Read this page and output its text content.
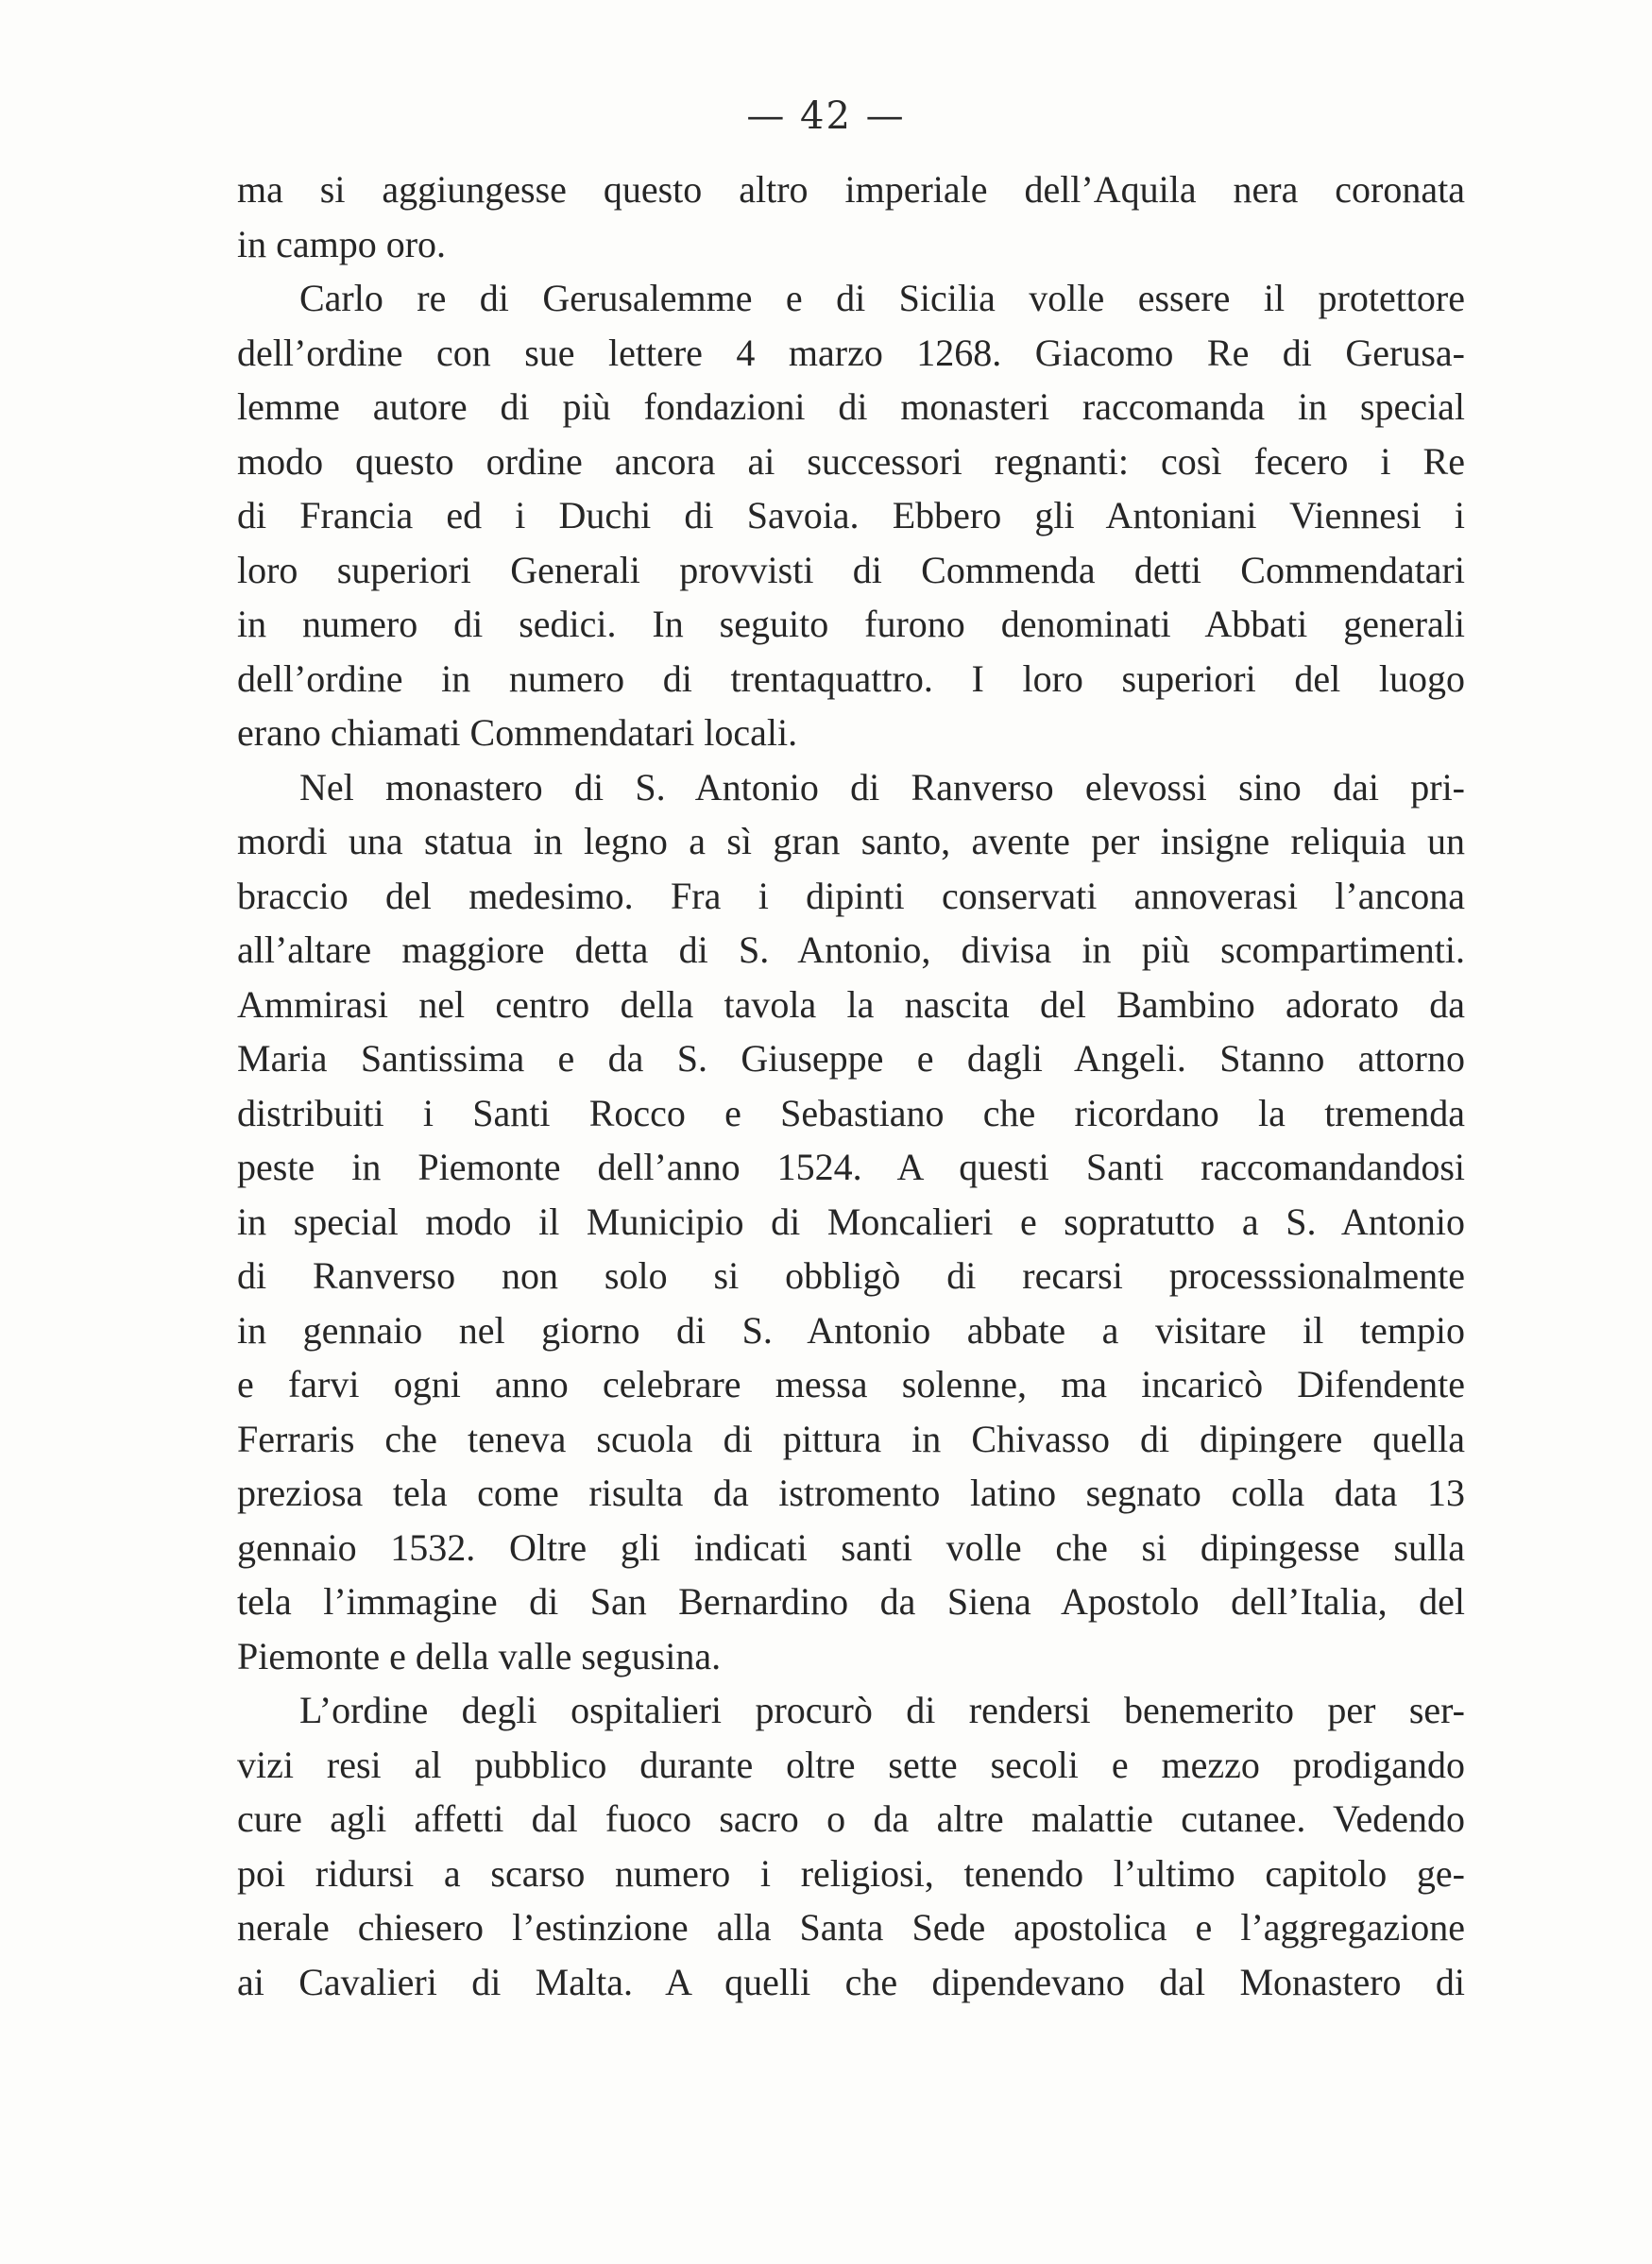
— 42 —
ma si aggiungesse questo altro imperiale dell’Aquila nera coronata
in campo oro.
Carlo re di Gerusalemme e di Sicilia volle essere il protettore
dell’ordine con sue lettere 4 marzo 1268. Giacomo Re di Gerusa-
lemme autore di più fondazioni di monasteri raccomanda in special
modo questo ordine ancora ai successori regnanti: così fecero i Re
di Francia ed i Duchi di Savoia. Ebbero gli Antoniani Viennesi i
loro superiori Generali provvisti di Commenda detti Commendatari
in numero di sedici. In seguito furono denominati Abbati generali
dell’ordine in numero di trentaquattro. I loro superiori del luogo
erano chiamati Commendatari locali.
Nel monastero di S. Antonio di Ranverso elevossi sino dai pri-
mordi una statua in legno a sì gran santo, avente per insigne reliquia un
braccio del medesimo. Fra i dipinti conservati annoverasi l’ancona
all’altare maggiore detta di S. Antonio, divisa in più scompartimenti.
Ammirasi nel centro della tavola la nascita del Bambino adorato da
Maria Santissima e da S. Giuseppe e dagli Angeli. Stanno attorno
distribuiti i Santi Rocco e Sebastiano che ricordano la tremenda
peste in Piemonte dell’anno 1524. A questi Santi raccomandandosi
in special modo il Municipio di Moncalieri e sopratutto a S. Antonio
di Ranverso non solo si obbligò di recarsi processsionalmente
in gennaio nel giorno di S. Antonio abbate a visitare il tempio
e farvi ogni anno celebrare messa solenne, ma incaricò Difendente
Ferraris che teneva scuola di pittura in Chivasso di dipingere quella
preziosa tela come risulta da istromento latino segnato colla data 13
gennaio 1532. Oltre gli indicati santi volle che si dipingesse sulla
tela l’immagine di San Bernardino da Siena Apostolo dell’Italia, del
Piemonte e della valle segusina.
L’ordine degli ospitalieri procurò di rendersi benemerito per ser-
vizi resi al pubblico durante oltre sette secoli e mezzo prodigando
cure agli affetti dal fuoco sacro o da altre malattie cutanee. Vedendo
poi ridursi a scarso numero i religiosi, tenendo l’ultimo capitolo ge-
nerale chiesero l’estinzione alla Santa Sede apostolica e l’aggregazione
ai Cavalieri di Malta. A quelli che dipendevano dal Monastero di
